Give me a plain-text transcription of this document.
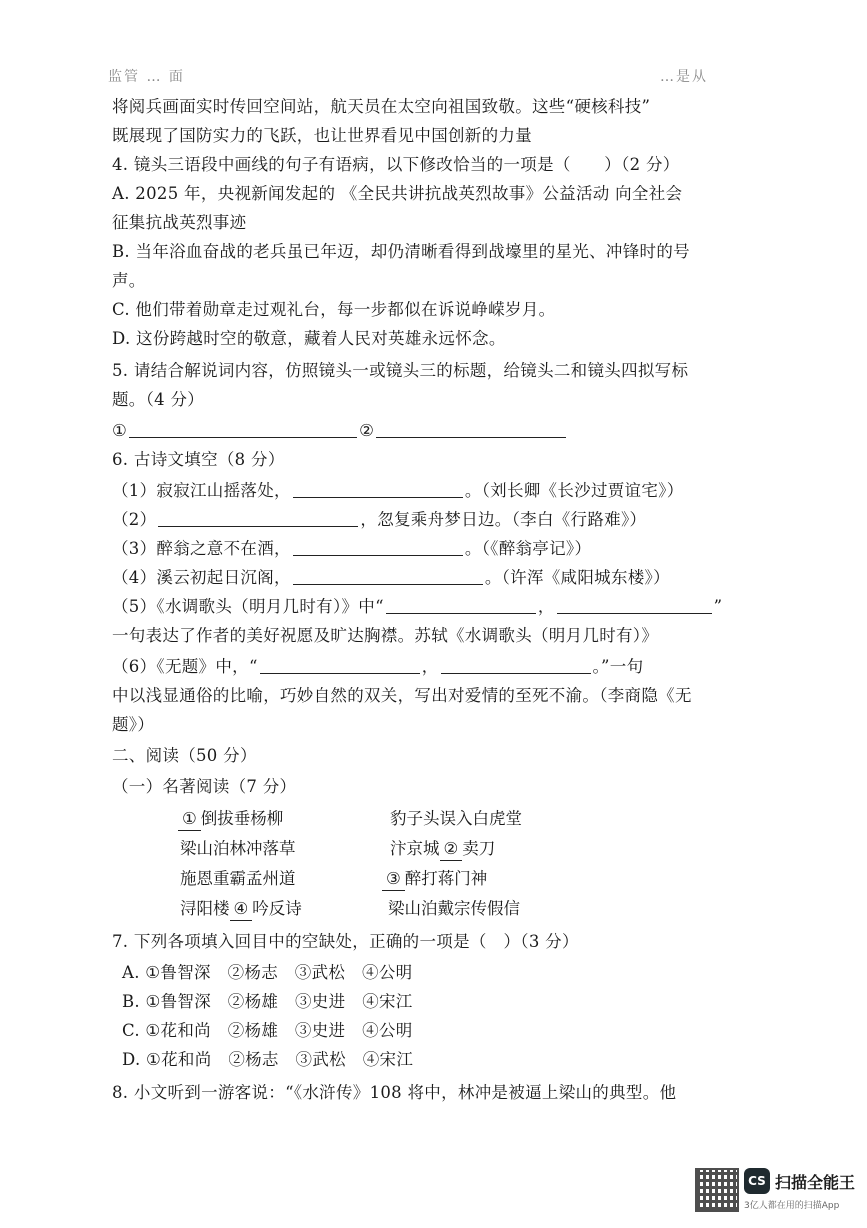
监管 … 面	…是从
将阅兵画面实时传回空间站，航天员在太空向祖国致敬。这些“硬核科技”
既展现了国防实力的飞跃，也让世界看见中国创新的力量
4. 镜头三语段中画线的句子有语病，以下修改恰当的一项是（　　）（2 分）
A. 2025 年，央视新闻发起的 《全民共讲抗战英烈故事》公益活动 向全社会
征集抗战英烈事迹
B. 当年浴血奋战的老兵虽已年迈，却仍清晰看得到战壕里的星光、冲锋时的号
声。
C. 他们带着勋章走过观礼台，每一步都似在诉说峥嵘岁月。
D. 这份跨越时空的敬意，藏着人民对英雄永远怀念。
5. 请结合解说词内容，仿照镜头一或镜头三的标题，给镜头二和镜头四拟写标
题。（4 分）
①	②
6. 古诗文填空（8 分）
（1）寂寂江山摇落处，	。（刘长卿《长沙过贾谊宅》）
（2）	，忽复乘舟梦日边。（李白《行路难》）
（3）醉翁之意不在酒，	。（《醉翁亭记》）
（4）溪云初起日沉阁，	。（许浑《咸阳城东楼》）
（5）《水调歌头（明月几时有）》中“	，	”
一句表达了作者的美好祝愿及旷达胸襟。苏轼《水调歌头（明月几时有）》
（6）《无题》中，“	，	。”一句
中以浅显通俗的比喻，巧妙自然的双关，写出对爱情的至死不渝。（李商隐《无
题》）
二、阅读（50 分）
（一）名著阅读（7 分）
① 倒拔垂杨柳	豹子头误入白虎堂
梁山泊林冲落草	汴京城 ② 卖刀
施恩重霸孟州道	③ 醉打蒋门神
浔阳楼 ④ 吟反诗	梁山泊戴宗传假信
7. 下列各项填入回目中的空缺处，正确的一项是（　）（3 分）
A. ①鲁智深　②杨志　③武松　④公明
B. ①鲁智深　②杨雄　③史进　④宋江
C. ①花和尚　②杨雄　③史进　④公明
D. ①花和尚　②杨志　③武松　④宋江
8. 小文听到一游客说：“《水浒传》108 将中，林冲是被逼上梁山的典型。他
CS 扫描全能王
3亿人都在用的扫描App
